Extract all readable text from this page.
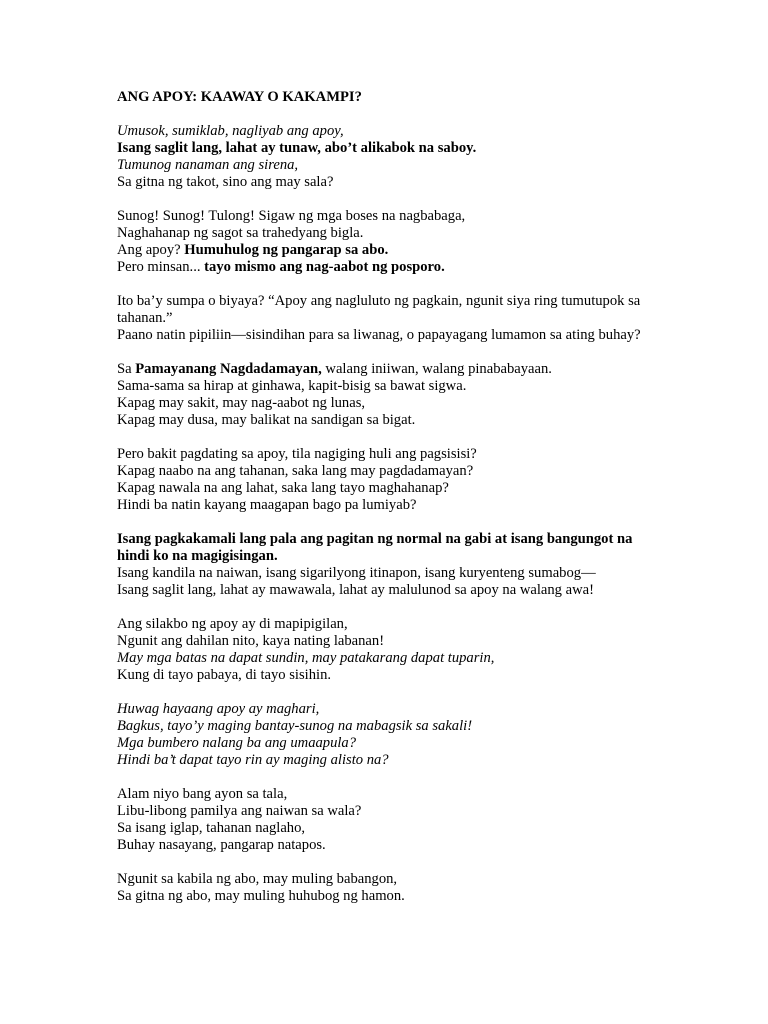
ANG APOY: KAAWAY O KAKAMPI?
Umusok, sumiklab, nagliyab ang apoy,
Isang saglit lang, lahat ay tunaw, abo’t alikabok na saboy.
Tumunog nanaman ang sirena,
Sa gitna ng takot, sino ang may sala?
Sunog! Sunog! Tulong! Sigaw ng mga boses na nagbabaga,
Naghahanap ng sagot sa trahedyang bigla.
Ang apoy? Humuhulog ng pangarap sa abo.
Pero minsan... tayo mismo ang nag-aabot ng posporo.
Ito ba’y sumpa o biyaya? “Apoy ang nagluluto ng pagkain, ngunit siya ring tumutupok sa tahanan.”
Paano natin pipiliin—sisindihan para sa liwanag, o papayagang lumamon sa ating buhay?
Sa Pamayanang Nagdadamayan, walang iniiwan, walang pinababayaan.
Sama-sama sa hirap at ginhawa, kapit-bisig sa bawat sigwa.
Kapag may sakit, may nag-aabot ng lunas,
Kapag may dusa, may balikat na sandigan sa bigat.
Pero bakit pagdating sa apoy, tila nagiging huli ang pagsisisi?
Kapag naabo na ang tahanan, saka lang may pagdadamayan?
Kapag nawala na ang lahat, saka lang tayo maghahanap?
Hindi ba natin kayang maagapan bago pa lumiyab?
Isang pagkakamali lang pala ang pagitan ng normal na gabi at isang bangungot na hindi ko na magigisingan.
Isang kandila na naiwan, isang sigarilyong itinapon, isang kuryenteng sumabog—
Isang saglit lang, lahat ay mawawala, lahat ay malulunod sa apoy na walang awa!
Ang silakbo ng apoy ay di mapipigilan,
Ngunit ang dahilan nito, kaya nating labanan!
May mga batas na dapat sundin, may patakarang dapat tuparin,
Kung di tayo pabaya, di tayo sisihin.
Huwag hayaang apoy ay maghari,
Bagkus, tayo’y maging bantay-sunog na mabagsik sa sakali!
Mga bumbero nalang ba ang umaapula?
Hindi ba’t dapat tayo rin ay maging alisto na?
Alam niyo bang ayon sa tala,
Libu-libong pamilya ang naiwan sa wala?
Sa isang iglap, tahanan naglaho,
Buhay nasayang, pangarap natapos.
Ngunit sa kabila ng abo, may muling babangon,
Sa gitna ng abo, may muling huhubog ng hamon.
